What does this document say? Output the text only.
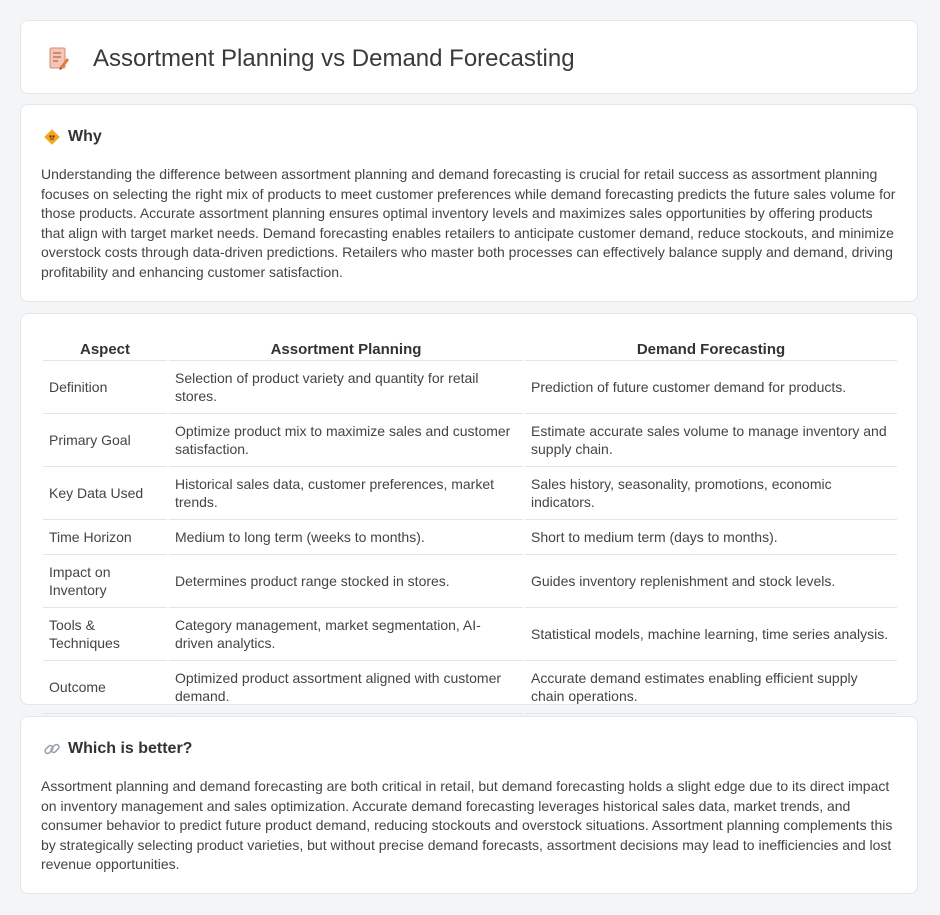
Assortment Planning vs Demand Forecasting
Why

Understanding the difference between assortment planning and demand forecasting is crucial for retail success as assortment planning focuses on selecting the right mix of products to meet customer preferences while demand forecasting predicts the future sales volume for those products. Accurate assortment planning ensures optimal inventory levels and maximizes sales opportunities by offering products that align with target market needs. Demand forecasting enables retailers to anticipate customer demand, reduce stockouts, and minimize overstock costs through data-driven predictions. Retailers who master both processes can effectively balance supply and demand, driving profitability and enhancing customer satisfaction.

Aspect	Assortment Planning	Demand Forecasting
Definition	Selection of product variety and quantity for retail stores.	Prediction of future customer demand for products.
Primary Goal	Optimize product mix to maximize sales and customer satisfaction.	Estimate accurate sales volume to manage inventory and supply chain.
Key Data Used	Historical sales data, customer preferences, market trends.	Sales history, seasonality, promotions, economic indicators.
Time Horizon	Medium to long term (weeks to months).	Short to medium term (days to months).
Impact on Inventory	Determines product range stocked in stores.	Guides inventory replenishment and stock levels.
Tools & Techniques	Category management, market segmentation, AI-driven analytics.	Statistical models, machine learning, time series analysis.
Outcome	Optimized product assortment aligned with customer demand.	Accurate demand estimates enabling efficient supply chain operations.
Which is better?

Assortment planning and demand forecasting are both critical in retail, but demand forecasting holds a slight edge due to its direct impact on inventory management and sales optimization. Accurate demand forecasting leverages historical sales data, market trends, and consumer behavior to predict future product demand, reducing stockouts and overstock situations. Assortment planning complements this by strategically selecting product varieties, but without precise demand forecasts, assortment decisions may lead to inefficiencies and lost revenue opportunities.
